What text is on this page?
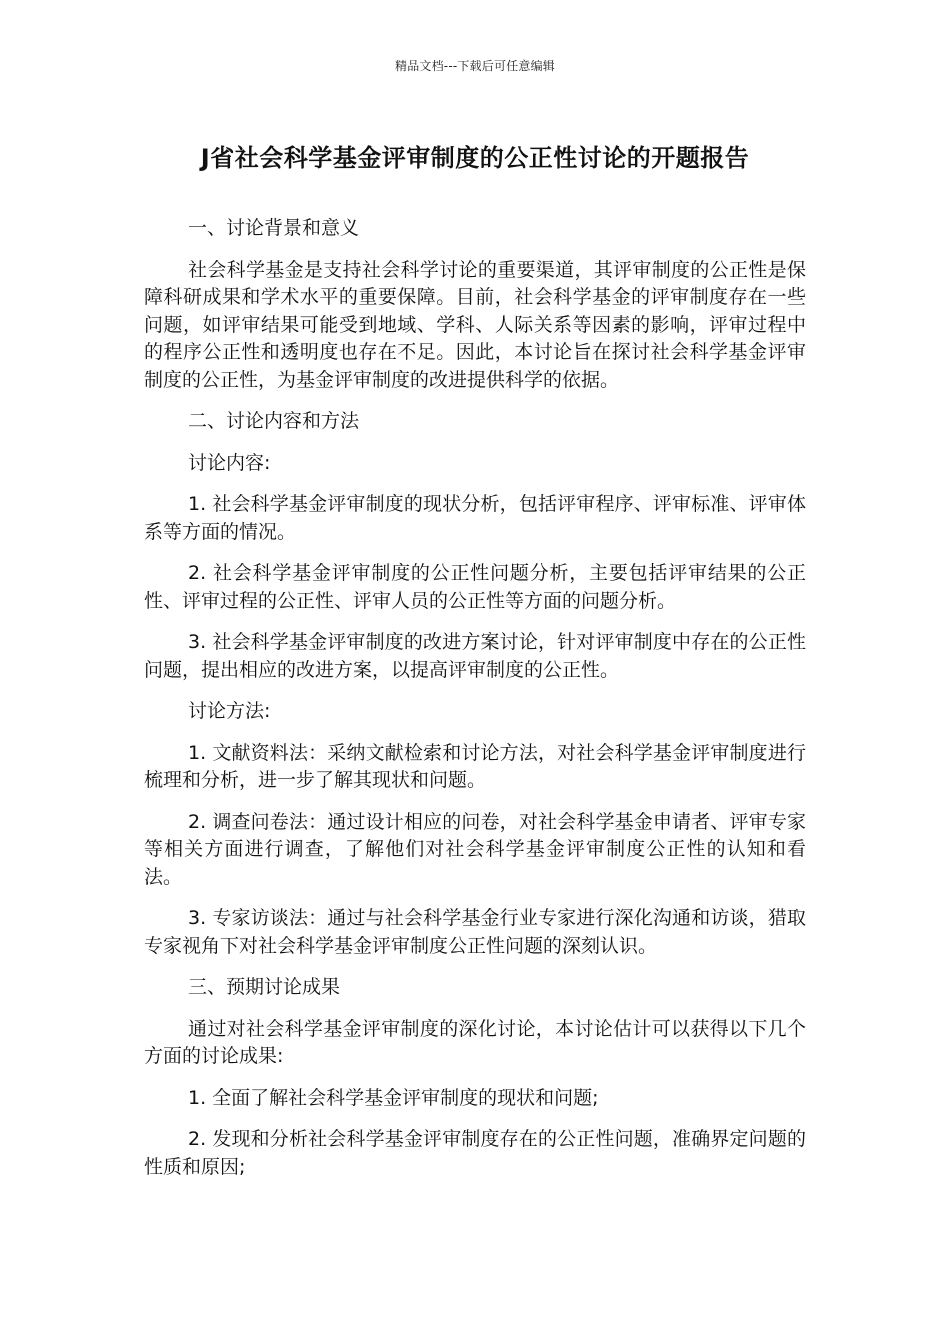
精品文档---下载后可任意编辑
J省社会科学基金评审制度的公正性讨论的开题报告

一、讨论背景和意义

社会科学基金是支持社会科学讨论的重要渠道，其评审制度的公正性是保障科研成果和学术水平的重要保障。目前，社会科学基金的评审制度存在一些问题，如评审结果可能受到地域、学科、人际关系等因素的影响，评审过程中的程序公正性和透明度也存在不足。因此，本讨论旨在探讨社会科学基金评审制度的公正性，为基金评审制度的改进提供科学的依据。

二、讨论内容和方法

讨论内容:

1. 社会科学基金评审制度的现状分析，包括评审程序、评审标准、评审体系等方面的情况。

2. 社会科学基金评审制度的公正性问题分析，主要包括评审结果的公正性、评审过程的公正性、评审人员的公正性等方面的问题分析。

3. 社会科学基金评审制度的改进方案讨论，针对评审制度中存在的公正性问题，提出相应的改进方案，以提高评审制度的公正性。

讨论方法:

1. 文献资料法：采纳文献检索和讨论方法，对社会科学基金评审制度进行梳理和分析，进一步了解其现状和问题。

2. 调查问卷法：通过设计相应的问卷，对社会科学基金申请者、评审专家等相关方面进行调查，了解他们对社会科学基金评审制度公正性的认知和看法。

3. 专家访谈法：通过与社会科学基金行业专家进行深化沟通和访谈，猎取专家视角下对社会科学基金评审制度公正性问题的深刻认识。

三、预期讨论成果

通过对社会科学基金评审制度的深化讨论，本讨论估计可以获得以下几个方面的讨论成果:

1. 全面了解社会科学基金评审制度的现状和问题;

2. 发现和分析社会科学基金评审制度存在的公正性问题，准确界定问题的性质和原因;
